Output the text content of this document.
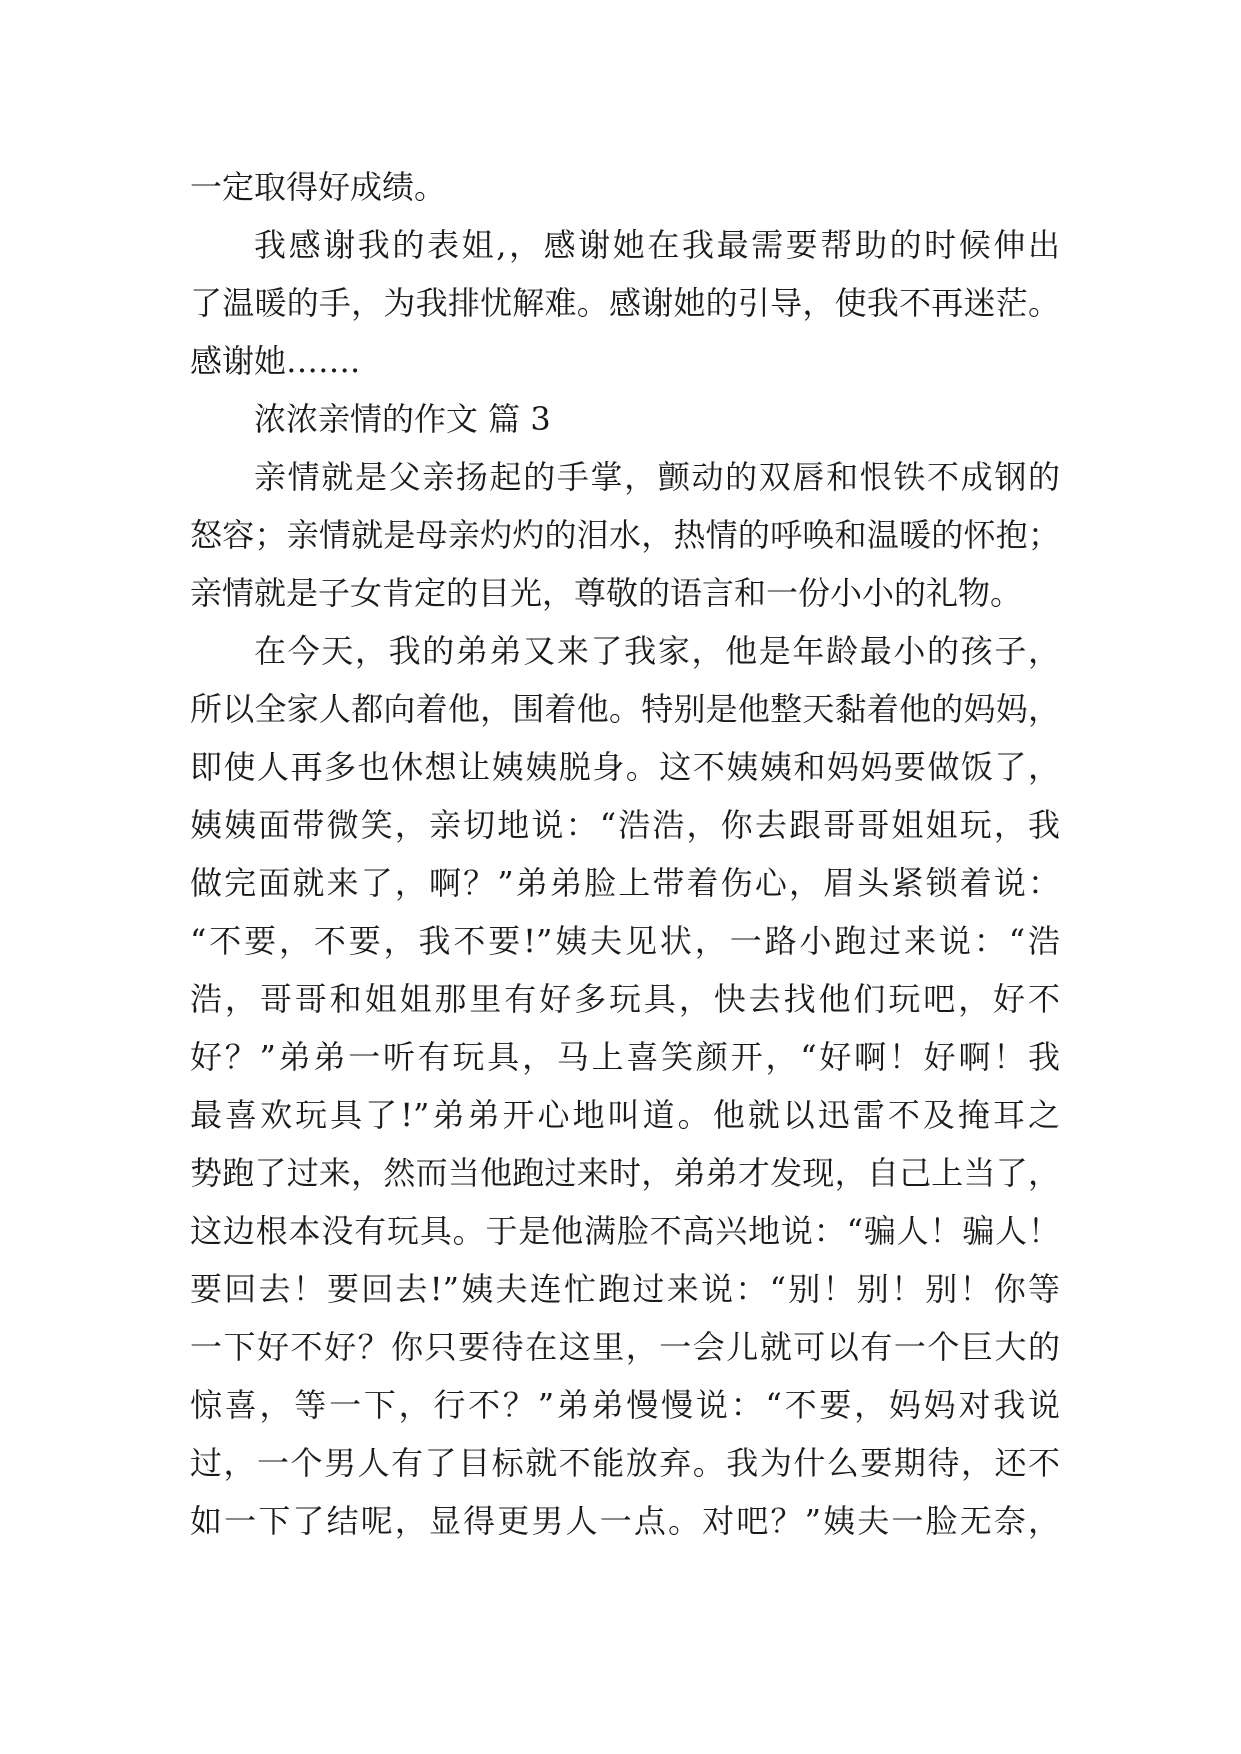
一定取得好成绩。
我感谢我的表姐,，感谢她在我最需要帮助的时候伸出
了温暖的手，为我排忧解难。感谢她的引导，使我不再迷茫。
感谢她…….
浓浓亲情的作文 篇 3
亲情就是父亲扬起的手掌，颤动的双唇和恨铁不成钢的
怒容；亲情就是母亲灼灼的泪水，热情的呼唤和温暖的怀抱；
亲情就是子女肯定的目光，尊敬的语言和一份小小的礼物。
在今天，我的弟弟又来了我家，他是年龄最小的孩子，
所以全家人都向着他，围着他。特别是他整天黏着他的妈妈，
即使人再多也休想让姨姨脱身。这不姨姨和妈妈要做饭了，
姨姨面带微笑，亲切地说：“浩浩，你去跟哥哥姐姐玩，我
做完面就来了，啊？”弟弟脸上带着伤心，眉头紧锁着说：
“不要，不要，我不要!”姨夫见状，一路小跑过来说：“浩
浩，哥哥和姐姐那里有好多玩具，快去找他们玩吧，好不
好？”弟弟一听有玩具，马上喜笑颜开，“好啊！好啊！我
最喜欢玩具了!”弟弟开心地叫道。他就以迅雷不及掩耳之
势跑了过来，然而当他跑过来时，弟弟才发现，自己上当了，
这边根本没有玩具。于是他满脸不高兴地说：“骗人！骗人！
要回去！要回去!”姨夫连忙跑过来说：“别！别！别！你等
一下好不好？你只要待在这里，一会儿就可以有一个巨大的
惊喜，等一下，行不？”弟弟慢慢说：“不要，妈妈对我说
过，一个男人有了目标就不能放弃。我为什么要期待，还不
如一下了结呢，显得更男人一点。对吧？”姨夫一脸无奈，
